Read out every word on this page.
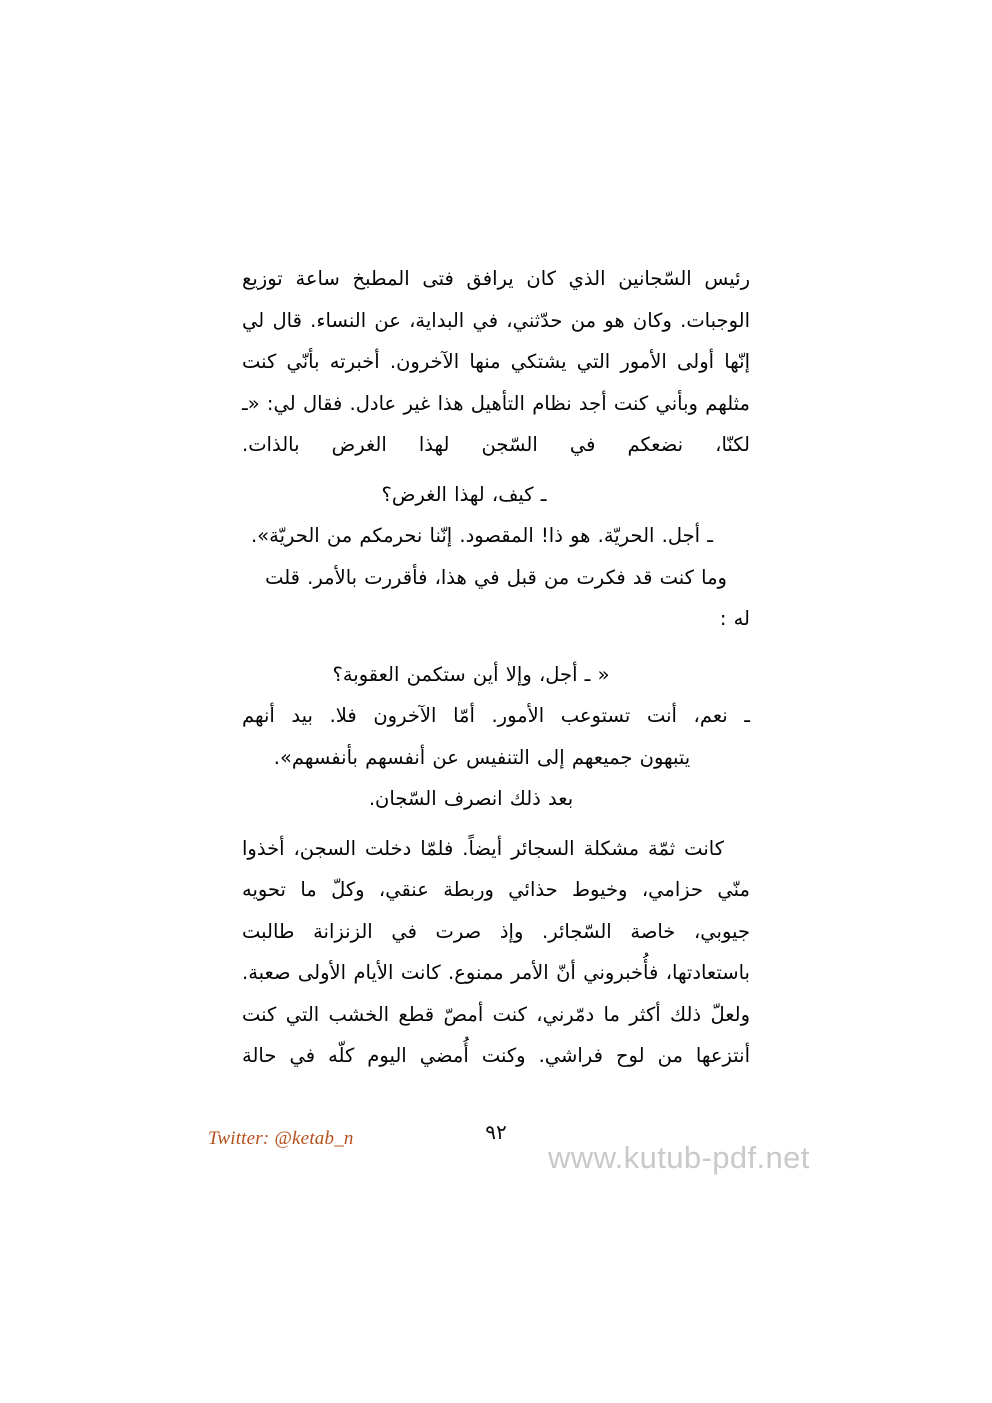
رئيس السّجانين الذي كان يرافق فتى المطبخ ساعة توزيع الوجبات. وكان هو من حدّثني، في البداية، عن النساء. قال لي إنّها أولى الأمور التي يشتكي منها الآخرون. أخبرته بأنّي كنت مثلهم وبأني كنت أجد نظام التأهيل هذا غير عادل. فقال لي: «ـ لكنّا، نضعكم في السّجن لهذا الغرض بالذات.

ـ كيف، لهذا الغرض؟

ـ أجل. الحريّة. هو ذا! المقصود. إنّنا نحرمكم من الحريّة».

وما كنت قد فكرت من قبل في هذا، فأقررت بالأمر. قلت

له :

« ـ أجل، وإلا أين ستكمن العقوبة؟

ـ نعم، أنت تستوعب الأمور. أمّا الآخرون فلا. بيد أنهم

يتبهون جميعهم إلى التنفيس عن أنفسهم بأنفسهم».

بعد ذلك انصرف السّجان.

كانت ثمّة مشكلة السجائر أيضاً. فلمّا دخلت السجن، أخذوا منّي حزامي، وخيوط حذائي وربطة عنقي، وكلّ ما تحويه جيوبي، خاصة السّجائر. وإذ صرت في الزنزانة طالبت باستعادتها، فأُخبروني أنّ الأمر ممنوع. كانت الأيام الأولى صعبة. ولعلّ ذلك أكثر ما دمّرني، كنت أمصّ قطع الخشب التي كنت أنتزعها من لوح فراشي. وكنت أُمضي اليوم كلّه في حالة

Twitter: @ketab_n	٩٢
www.kutub-pdf.net
